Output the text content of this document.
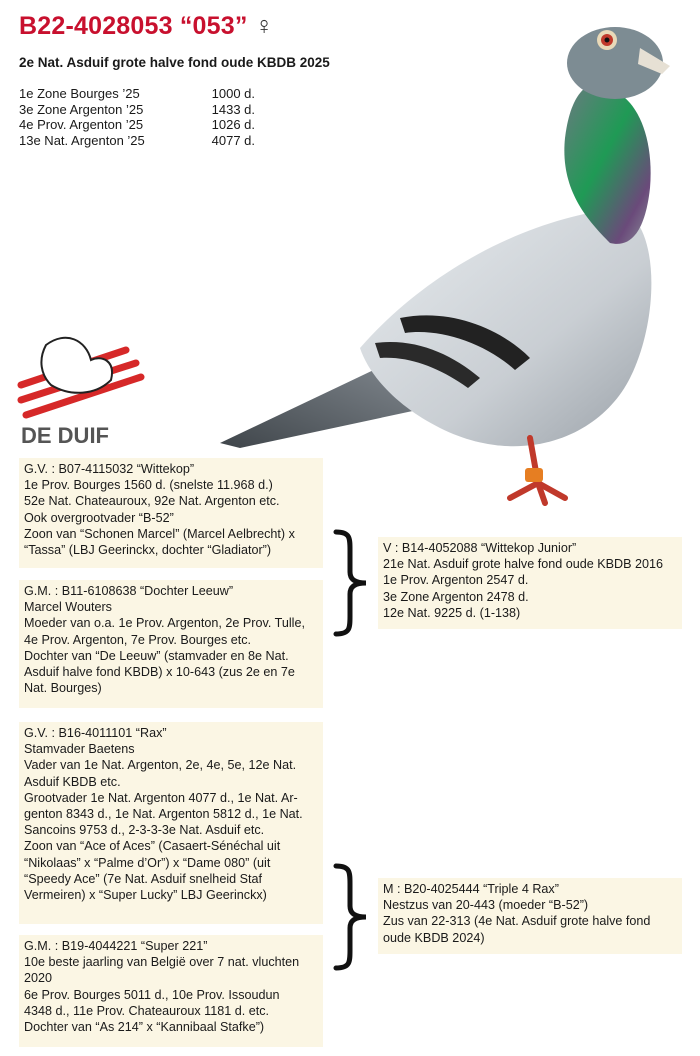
B22-4028053 “053” ♀
2e Nat. Asduif grote halve fond oude KBDB 2025
1e Zone Bourges ’25	1000 d.
3e Zone Argenton ’25	1433 d.
4e Prov. Argenton ’25	1026 d.
13e Nat. Argenton ’25	4077 d.
DE DUIF
G.V. : B07-4115032 “Wittekop”
1e Prov. Bourges 1560 d. (snelste 11.968 d.)
52e Nat. Chateauroux, 92e Nat. Argenton etc.
Ook overgrootvader “B-52”
Zoon van “Schonen Marcel” (Marcel Aelbrecht) x
“Tassa” (LBJ Geerinckx, dochter “Gladiator”)
G.M. : B11-6108638 “Dochter Leeuw”
Marcel Wouters
Moeder van o.a. 1e Prov. Argenton, 2e Prov. Tulle,
4e Prov. Argenton, 7e Prov. Bourges etc.
Dochter van “De Leeuw” (stamvader en 8e Nat.
Asduif halve fond KBDB) x 10-643 (zus 2e en 7e
Nat. Bourges)
G.V. : B16-4011101 “Rax”
Stamvader Baetens
Vader van 1e Nat. Argenton, 2e, 4e, 5e, 12e Nat.
Asduif KBDB etc.
Grootvader 1e Nat. Argenton 4077 d., 1e Nat. Ar-
genton 8343 d., 1e Nat. Argenton 5812 d., 1e Nat.
Sancoins 9753 d., 2-3-3-3e Nat. Asduif etc.
Zoon van “Ace of Aces” (Casaert-Sénéchal uit
“Nikolaas” x “Palme d’Or”) x “Dame 080” (uit
“Speedy Ace” (7e Nat. Asduif snelheid Staf
Vermeiren) x “Super Lucky” LBJ Geerinckx)
G.M. : B19-4044221 “Super 221”
10e beste jaarling van België over 7 nat. vluchten
2020
6e Prov. Bourges 5011 d., 10e Prov. Issoudun
4348 d., 11e Prov. Chateauroux 1181 d. etc.
Dochter van “As 214” x “Kannibaal Stafke”)
V : B14-4052088 “Wittekop Junior”
21e Nat. Asduif grote halve fond oude KBDB 2016
1e Prov. Argenton 2547 d.
3e Zone Argenton 2478 d.
12e Nat. 9225 d. (1-138)
M : B20-4025444 “Triple 4 Rax”
Nestzus van 20-443 (moeder “B-52”)
Zus van 22-313 (4e Nat. Asduif grote halve fond
oude KBDB 2024)
